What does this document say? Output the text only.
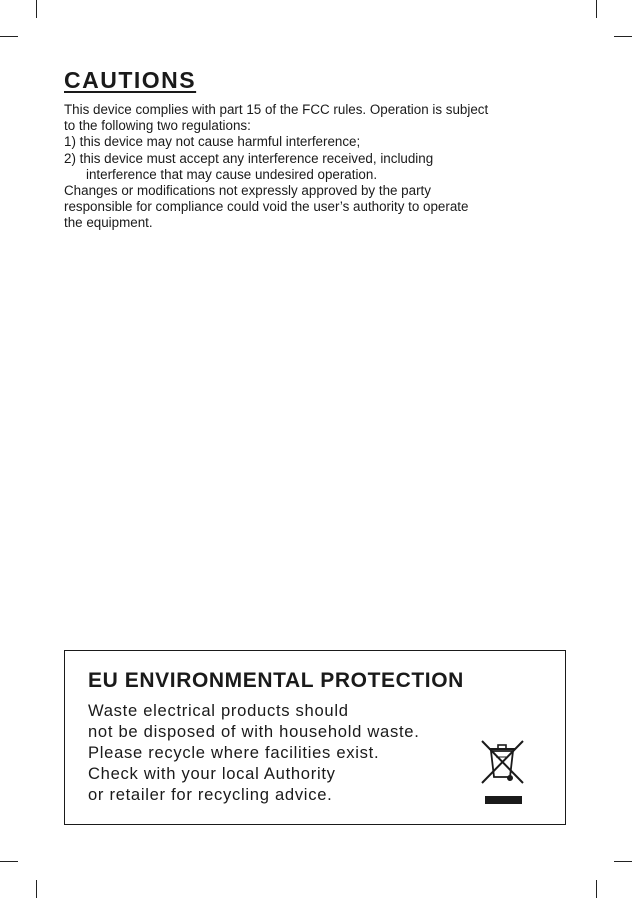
CAUTIONS
This device complies with part 15 of the FCC rules. Operation is subject
to the following two regulations:
1) this device may not cause harmful interference;
2) this device must accept any interference received, including
interference that may cause undesired operation.
Changes or modifications not expressly approved by the party
responsible for compliance could void the user’s authority to operate
the equipment.
EU ENVIRONMENTAL PROTECTION
Waste electrical products should
not be disposed of with household waste.
Please recycle where facilities exist.
Check with your local Authority
or retailer for recycling advice.
